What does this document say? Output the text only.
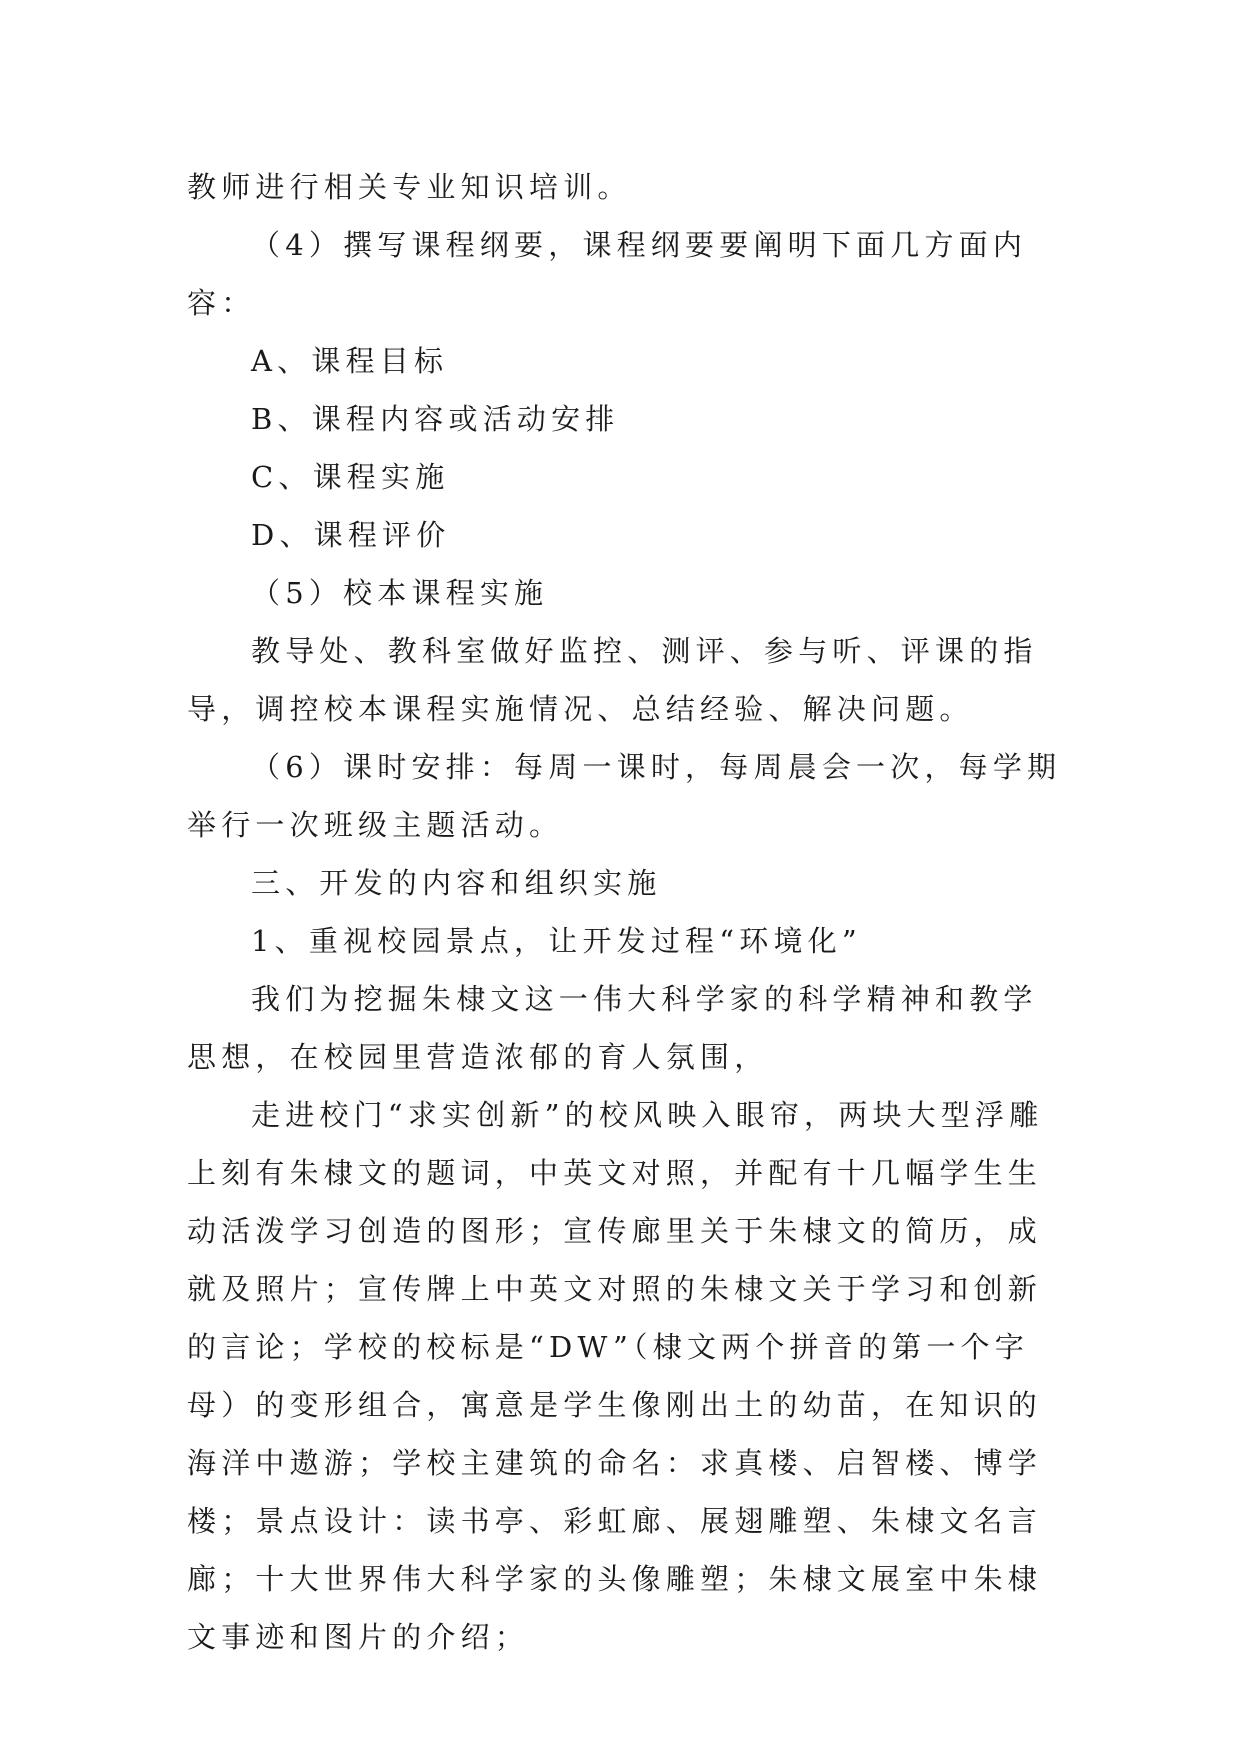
教师进行相关专业知识培训。

（4）撰写课程纲要，课程纲要要阐明下面几方面内容：

A、课程目标

B、课程内容或活动安排

C、课程实施

D、课程评价

（5）校本课程实施

教导处、教科室做好监控、测评、参与听、评课的指导，调控校本课程实施情况、总结经验、解决问题。

（6）课时安排：每周一课时，每周晨会一次，每学期举行一次班级主题活动。

三、开发的内容和组织实施

1、重视校园景点，让开发过程“环境化”

我们为挖掘朱棣文这一伟大科学家的科学精神和教学思想，在校园里营造浓郁的育人氛围，

走进校门“求实创新”的校风映入眼帘，两块大型浮雕上刻有朱棣文的题词，中英文对照，并配有十几幅学生生动活泼学习创造的图形；宣传廊里关于朱棣文的简历，成就及照片；宣传牌上中英文对照的朱棣文关于学习和创新的言论；学校的校标是“DW”（棣文两个拼音的第一个字母）的变形组合，寓意是学生像刚出土的幼苗，在知识的海洋中遨游；学校主建筑的命名：求真楼、启智楼、博学楼；景点设计：读书亭、彩虹廊、展翅雕塑、朱棣文名言廊；十大世界伟大科学家的头像雕塑；朱棣文展室中朱棣文事迹和图片的介绍；
